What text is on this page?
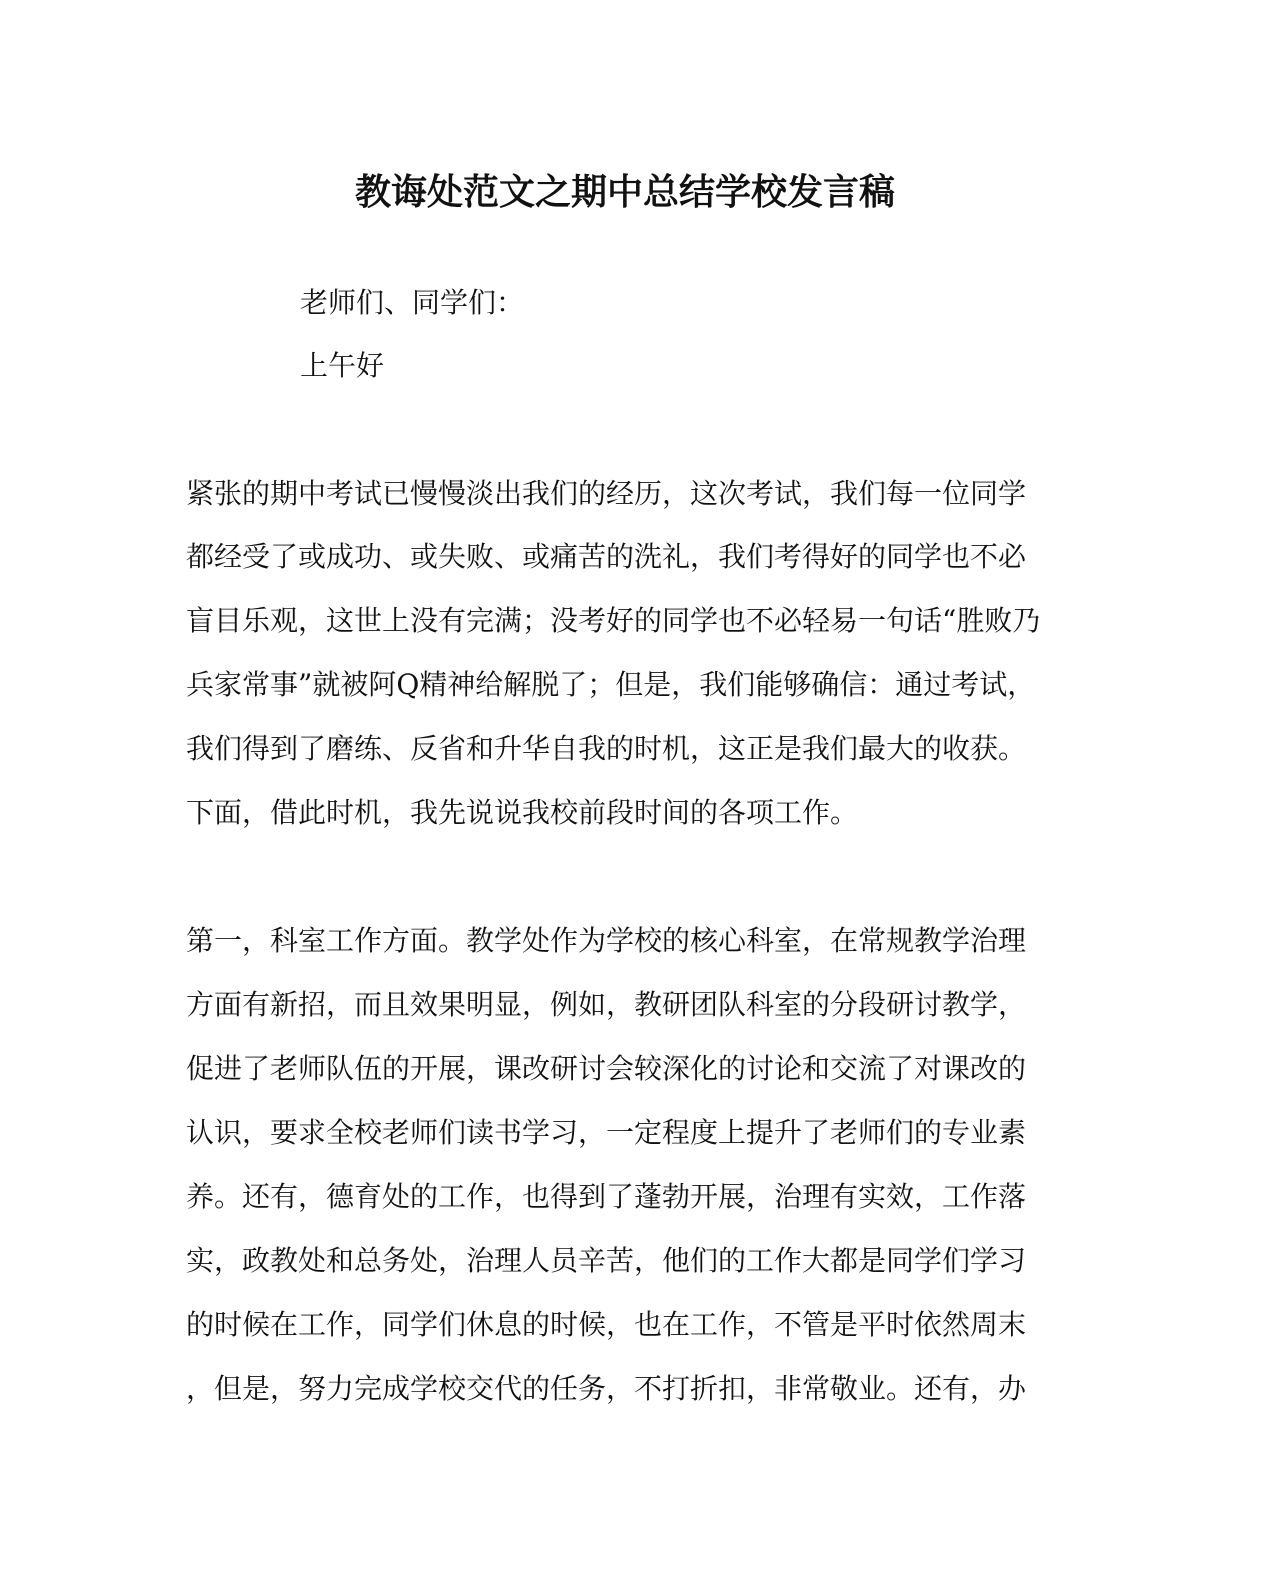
教诲处范文之期中总结学校发言稿
老师们、同学们：
上午好
紧张的期中考试已慢慢淡出我们的经历，这次考试，我们每一位同学
都经受了或成功、或失败、或痛苦的洗礼，我们考得好的同学也不必
盲目乐观，这世上没有完满；没考好的同学也不必轻易一句话“胜败乃
兵家常事”就被阿Q精神给解脱了；但是，我们能够确信：通过考试，
我们得到了磨练、反省和升华自我的时机，这正是我们最大的收获。
下面，借此时机，我先说说我校前段时间的各项工作。
第一，科室工作方面。教学处作为学校的核心科室，在常规教学治理
方面有新招，而且效果明显，例如，教研团队科室的分段研讨教学，
促进了老师队伍的开展，课改研讨会较深化的讨论和交流了对课改的
认识，要求全校老师们读书学习，一定程度上提升了老师们的专业素
养。还有，德育处的工作，也得到了蓬勃开展，治理有实效，工作落
实，政教处和总务处，治理人员辛苦，他们的工作大都是同学们学习
的时候在工作，同学们休息的时候，也在工作，不管是平时依然周末
，但是，努力完成学校交代的任务，不打折扣，非常敬业。还有，办
